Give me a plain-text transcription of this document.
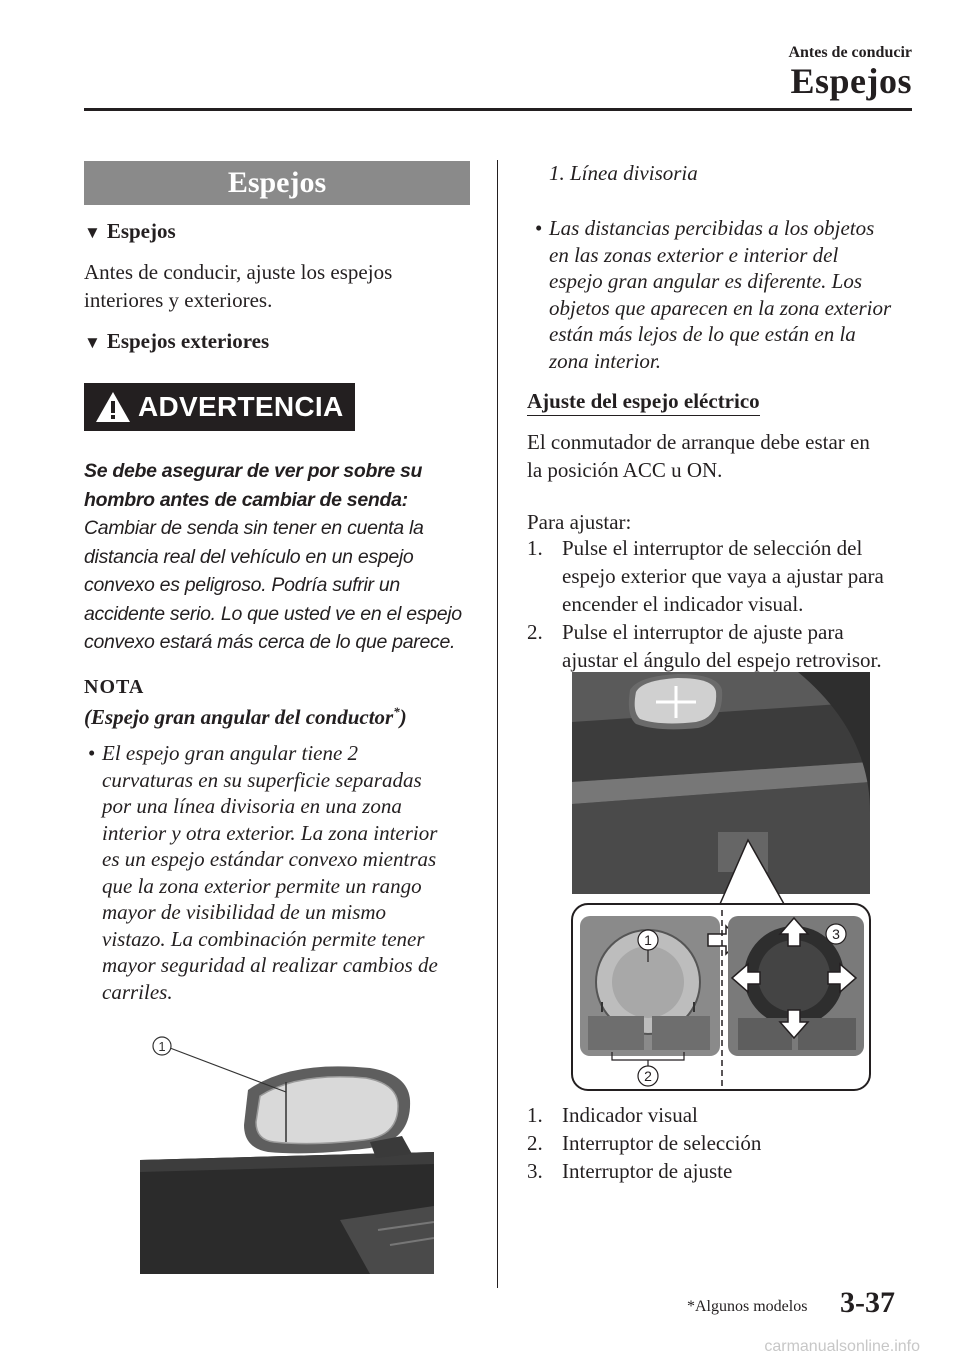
Antes de conducir
Espejos
Espejos
▼ Espejos
Antes de conducir, ajuste los espejos
interiores y exteriores.
▼ Espejos exteriores
ADVERTENCIA
Se debe asegurar de ver por sobre su
hombro antes de cambiar de senda:
Cambiar de senda sin tener en cuenta la
distancia real del vehículo en un espejo
convexo es peligroso. Podría sufrir un
accidente serio. Lo que usted ve en el espejo
convexo estará más cerca de lo que parece.
NOTA
(Espejo gran angular del conductor*)
• El espejo gran angular tiene 2
curvaturas en su superficie separadas
por una línea divisoria en una zona
interior y otra exterior. La zona interior
es un espejo estándar convexo mientras
que la zona exterior permite un rango
mayor de visibilidad de un mismo
vistazo. La combinación permite tener
mayor seguridad al realizar cambios de
carriles.
1
1. Línea divisoria
• Las distancias percibidas a los objetos
en las zonas exterior e interior del
espejo gran angular es diferente. Los
objetos que aparecen en la zona exterior
están más lejos de lo que están en la
zona interior.
Ajuste del espejo eléctrico
El conmutador de arranque debe estar en
la posición ACC u ON.
Para ajustar:
1. Pulse el interruptor de selección del
espejo exterior que vaya a ajustar para
encender el indicador visual.
2. Pulse el interruptor de ajuste para
ajustar el ángulo del espejo retrovisor.
1
2
3
1. Indicador visual
2. Interruptor de selección
3. Interruptor de ajuste
*Algunos modelos 3-37
carmanualsonline.info
